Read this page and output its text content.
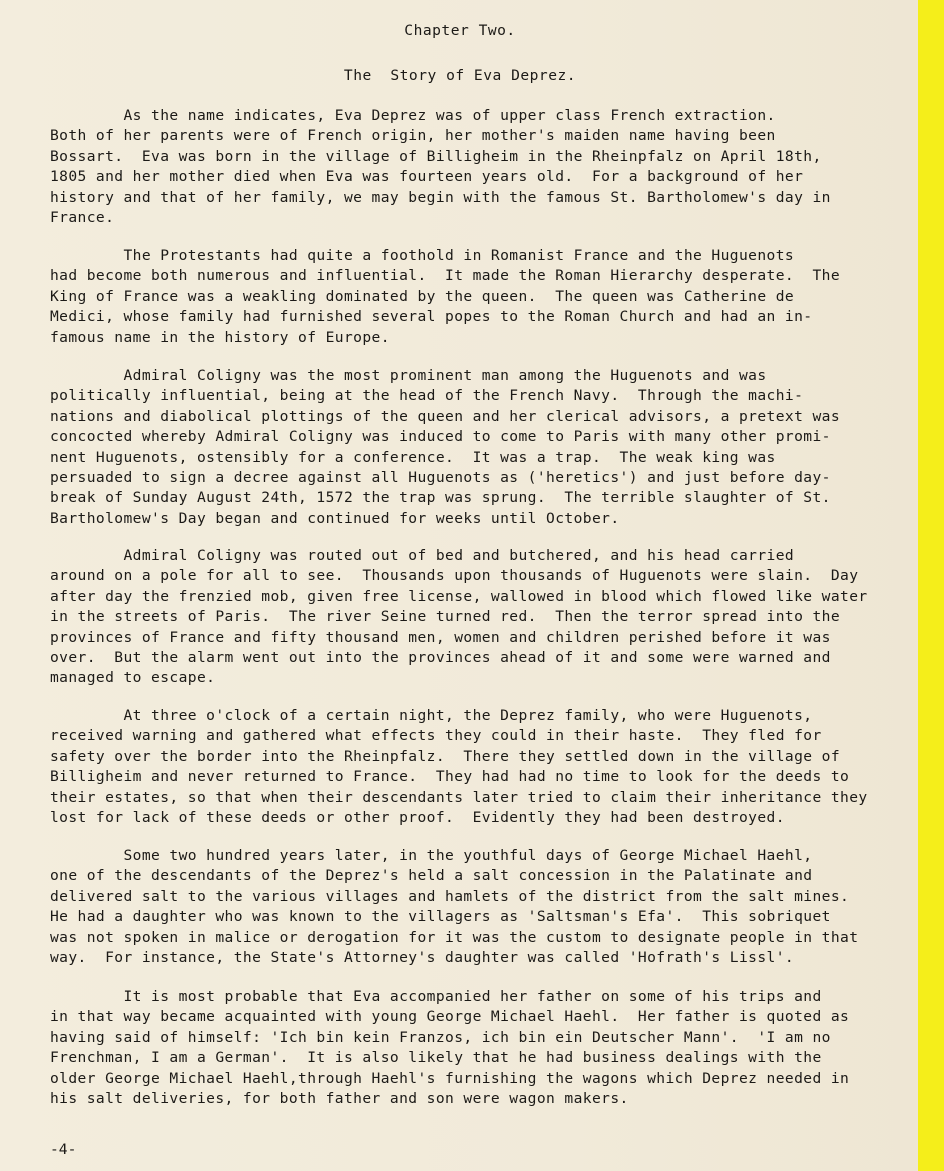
Chapter Two.
The  Story of Eva Deprez.
As the name indicates, Eva Deprez was of upper class French extraction.
Both of her parents were of French origin, her mother's maiden name having been
Bossart.  Eva was born in the village of Billigheim in the Rheinpfalz on April 18th,
1805 and her mother died when Eva was fourteen years old.  For a background of her
history and that of her family, we may begin with the famous St. Bartholomew's day in
France.
The Protestants had quite a foothold in Romanist France and the Huguenots
had become both numerous and influential.  It made the Roman Hierarchy desperate.  The
King of France was a weakling dominated by the queen.  The queen was Catherine de
Medici, whose family had furnished several popes to the Roman Church and had an in-
famous name in the history of Europe.
Admiral Coligny was the most prominent man among the Huguenots and was
politically influential, being at the head of the French Navy.  Through the machi-
nations and diabolical plottings of the queen and her clerical advisors, a pretext was
concocted whereby Admiral Coligny was induced to come to Paris with many other promi-
nent Huguenots, ostensibly for a conference.  It was a trap.  The weak king was
persuaded to sign a decree against all Huguenots as ('heretics') and just before day-
break of Sunday August 24th, 1572 the trap was sprung.  The terrible slaughter of St.
Bartholomew's Day began and continued for weeks until October.
Admiral Coligny was routed out of bed and butchered, and his head carried
around on a pole for all to see.  Thousands upon thousands of Huguenots were slain.  Day
after day the frenzied mob, given free license, wallowed in blood which flowed like water
in the streets of Paris.  The river Seine turned red.  Then the terror spread into the
provinces of France and fifty thousand men, women and children perished before it was
over.  But the alarm went out into the provinces ahead of it and some were warned and
managed to escape.
At three o'clock of a certain night, the Deprez family, who were Huguenots,
received warning and gathered what effects they could in their haste.  They fled for
safety over the border into the Rheinpfalz.  There they settled down in the village of
Billigheim and never returned to France.  They had had no time to look for the deeds to
their estates, so that when their descendants later tried to claim their inheritance they
lost for lack of these deeds or other proof.  Evidently they had been destroyed.
Some two hundred years later, in the youthful days of George Michael Haehl,
one of the descendants of the Deprez's held a salt concession in the Palatinate and
delivered salt to the various villages and hamlets of the district from the salt mines.
He had a daughter who was known to the villagers as 'Saltsman's Efa'.  This sobriquet
was not spoken in malice or derogation for it was the custom to designate people in that
way.  For instance, the State's Attorney's daughter was called 'Hofrath's Lissl'.
It is most probable that Eva accompanied her father on some of his trips and
in that way became acquainted with young George Michael Haehl.  Her father is quoted as
having said of himself: 'Ich bin kein Franzos, ich bin ein Deutscher Mann'.  'I am no
Frenchman, I am a German'.  It is also likely that he had business dealings with the
older George Michael Haehl,through Haehl's furnishing the wagons which Deprez needed in
his salt deliveries, for both father and son were wagon makers.
-4-
